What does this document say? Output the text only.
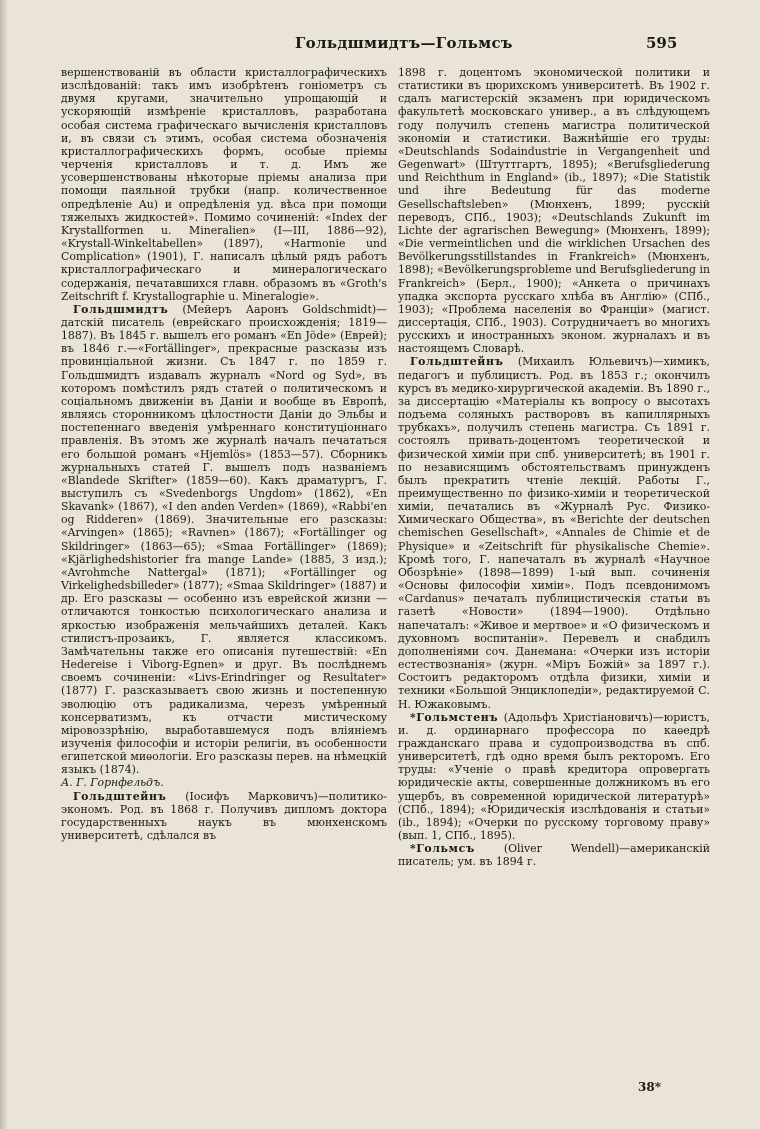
Гольдшмидтъ—Гольмсъ	595

вершенствованій въ области кристаллографическихъ изслѣдованій: такъ имъ изобрѣтенъ гоніометръ съ двумя кругами, значительно упрощающій и ускоряющій измѣреніе кристалловъ, разработана особая система графическаго вычисленія кристалловъ и, въ связи съ этимъ, особая система обозначенія кристаллографическихъ формъ, особые пріемы черченія кристалловъ и т. д. Имъ же усовершенствованы нѣкоторые пріемы анализа при помощи паяльной трубки (напр. количественное опредѣленіе Au) и опредѣленія уд. вѣса при помощи тяжелыхъ жидкостей». Помимо сочиненій: «Index der Krystallformen u. Mineralien» (I—III, 1886—92), «Krystall-Winkeltabellen» (1897), «Harmonie und Complication» (1901), Г. написалъ цѣлый рядъ работъ кристаллографическаго и минералогическаго содержанія, печатавшихся главн. образомъ въ «Groth's Zeitschrift f. Krystallographie u. Mineralogie».

Гольдшмидтъ (Мейеръ Ааронъ Goldschmidt)—датскій писатель (еврейскаго происхожденія; 1819—1887). Въ 1845 г. вышелъ его романъ «En Jöde» (Еврей); въ 1846 г.—«Fortällinger», прекрасные разсказы изъ провинціальной жизни. Съ 1847 г. по 1859 г. Гольдшмидтъ издавалъ журналъ «Nord og Syd», въ которомъ помѣстилъ рядъ статей о политическомъ и соціальномъ движеніи въ Даніи и вообще въ Европѣ, являясь сторонникомъ цѣлостности Даніи до Эльбы и постепеннаго введенія умѣреннаго конституціоннаго правленія. Въ этомъ же журналѣ началъ печататься его большой романъ «Hjemlös» (1853—57). Сборникъ журнальныхъ статей Г. вышелъ подъ названіемъ «Blandede Skrifter» (1859—60). Какъ драматургъ, Г. выступилъ съ «Svedenborgs Ungdom» (1862), «En Skavank» (1867), «I den anden Verden» (1869), «Rabbi'en og Ridderen» (1869). Значительные его разсказы: «Arvingen» (1865); «Ravnen» (1867); «Fortällinger og Skildringer» (1863—65); «Smaa Fortällinger» (1869); «Kjärlighedshistorier fra mange Lande» (1885, 3 изд.); «Avrohmche Nattergal» (1871); «Fortällinger og Virkelighedsbilleder» (1877); «Smaa Skildringer» (1887) и др. Его разсказы — особенно изъ еврейской жизни — отличаются тонкостью психологическаго анализа и яркостью изображенія мельчайшихъ деталей. Какъ стилистъ-прозаикъ, Г. является классикомъ. Замѣчательны также его описанія путешествій: «En Hedereise i Viborg-Egnen» и друг. Въ послѣднемъ своемъ сочиненіи: «Livs-Erindringer og Resultater» (1877) Г. разсказываетъ свою жизнь и постепенную эволюцію отъ радикализма, черезъ умѣренный консерватизмъ, къ отчасти мистическому міровоззрѣнію, выработавшемуся подъ вліяніемъ изученія философіи и исторіи религіи, въ особенности египетской миѳологіи. Его разсказы перев. на нѣмецкій языкъ (1874).

А. Г. Горнфельдъ.

Гольдштейнъ (Іосифъ Марковичъ)—политико-экономъ. Род. въ 1868 г. Получивъ дипломъ доктора государственныхъ наукъ въ мюнхенскомъ университетѣ, сдѣлался въ

1898 г. доцентомъ экономической политики и статистики въ цюрихскомъ университетѣ. Въ 1902 г. сдалъ магистерскій экзаменъ при юридическомъ факультетѣ московскаго универ., а въ слѣдующемъ году получилъ степень магистра политической экономіи и статистики. Важнѣйшіе его труды: «Deutschlands Sodaindustrie in Vergangenheit und Gegenwart» (Штуттгартъ, 1895); «Berufsgliederung und Reichthum in England» (ib., 1897); «Die Statistik und ihre Bedeutung für das moderne Gesellschaftsleben» (Мюнхенъ, 1899; русскій переводъ, СПб., 1903); «Deutschlands Zukunft im Lichte der agrarischen Bewegung» (Мюнхенъ, 1899); «Die vermeintlichen und die wirklichen Ursachen des Bevölkerungsstillstandes in Frankreich» (Мюнхенъ, 1898); «Bevölkerungsprobleme und Berufsgliederung in Frankreich» (Берл., 1900); «Анкета о причинахъ упадка экспорта русскаго хлѣба въ Англію» (СПб., 1903); «Проблема населенія во Франціи» (магист. диссертація, СПб., 1903). Сотрудничаетъ во многихъ русскихъ и иностранныхъ эконом. журналахъ и въ настоящемъ Словарѣ.

Гольдштейнъ (Михаилъ Юльевичъ)—химикъ, педагогъ и публицистъ. Род. въ 1853 г.; окончилъ курсъ въ медико-хирургической академіи. Въ 1890 г., за диссертацію «Матеріалы къ вопросу о высотахъ подъема соляныхъ растворовъ въ капиллярныхъ трубкахъ», получилъ степень магистра. Съ 1891 г. состоялъ привать-доцентомъ теоретической и физической химіи при спб. университетѣ; въ 1901 г. по независящимъ обстоятельствамъ принужденъ былъ прекратить чтеніе лекцій. Работы Г., преимущественно по физико-химіи и теоретической химіи, печатались въ «Журналѣ Рус. Физико-Химическаго Общества», въ «Berichte der deutschen chemischen Gesellschaft», «Annales de Chimie et de Physique» и «Zeitschrift für physikalische Chemie». Кромѣ того, Г. напечаталъ въ журналѣ «Научное Обозрѣніе» (1898—1899) 1-ый вып. сочиненія «Основы философіи химіи». Подъ псевдонимомъ «Cardanus» печаталъ публицистическія статьи въ газетѣ «Новости» (1894—1900). Отдѣльно напечаталъ: «Живое и мертвое» и «О физическомъ и духовномъ воспитаніи». Перевелъ и снабдилъ дополненіями соч. Данемана: «Очерки изъ исторіи естествознанія» (журн. «Міръ Божій» за 1897 г.). Состоитъ редакторомъ отдѣла физики, химіи и техники «Большой Энциклопедіи», редактируемой С. Н. Южаковымъ.

*Гольмстенъ (Адольфъ Христіановичъ)—юристъ, и. д. ординарнаго профессора по каѳедрѣ гражданскаго права и судопроизводства въ спб. университетѣ, гдѣ одно время былъ ректоромъ. Его труды: «Ученіе о правѣ кредитора опровергать юридическіе акты, совершенные должникомъ въ его ущербъ, въ современной юридической литературѣ» (СПб., 1894); «Юридическія изслѣдованія и статьи» (ib., 1894); «Очерки по русскому торговому праву» (вып. 1, СПб., 1895).

*Гольмсъ (Oliver Wendell)—американскій писатель; ум. въ 1894 г.

38*
